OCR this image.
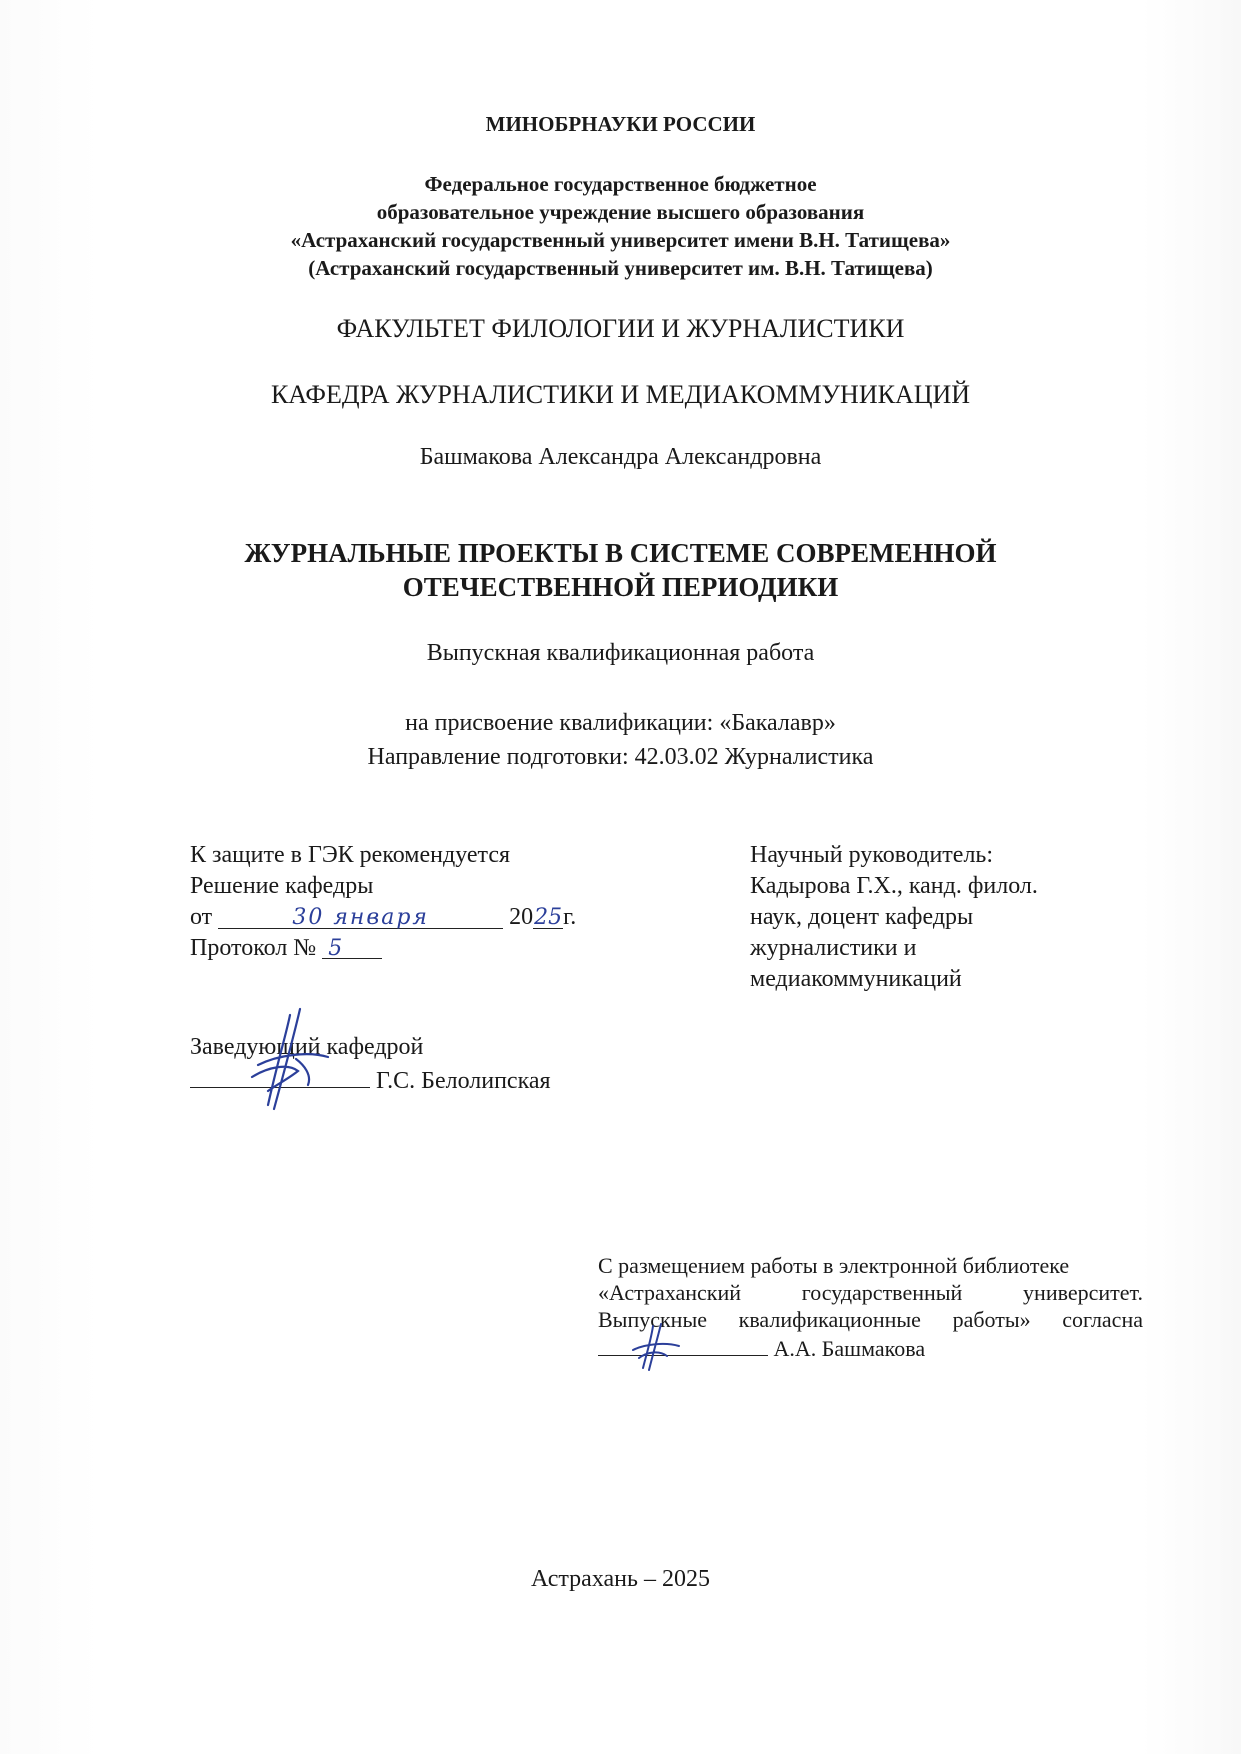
МИНОБРНАУКИ РОССИИ
Федеральное государственное бюджетное
образовательное учреждение высшего образования
«Астраханский государственный университет имени В.Н. Татищева»
(Астраханский государственный университет им. В.Н. Татищева)
ФАКУЛЬТЕТ ФИЛОЛОГИИ И ЖУРНАЛИСТИКИ
КАФЕДРА ЖУРНАЛИСТИКИ И МЕДИАКОММУНИКАЦИЙ
Башмакова Александра Александровна
ЖУРНАЛЬНЫЕ ПРОЕКТЫ В СИСТЕМЕ СОВРЕМЕННОЙ
ОТЕЧЕСТВЕННОЙ ПЕРИОДИКИ
Выпускная квалификационная работа
на присвоение квалификации: «Бакалавр»
Направление подготовки: 42.03.02 Журналистика
К защите в ГЭК рекомендуется
Решение кафедры
от	30 января	2025г.
Протокол № 5
Научный руководитель:
Кадырова Г.Х., канд. филол.
наук, доцент кафедры
журналистики и
медиакоммуникаций
Заведующий кафедрой
Г.С. Белолипская
С размещением работы в электронной библиотеке
«Астраханский государственный университет.
Выпускные квалификационные работы» согласна
А.А. Башмакова
Астрахань – 2025
